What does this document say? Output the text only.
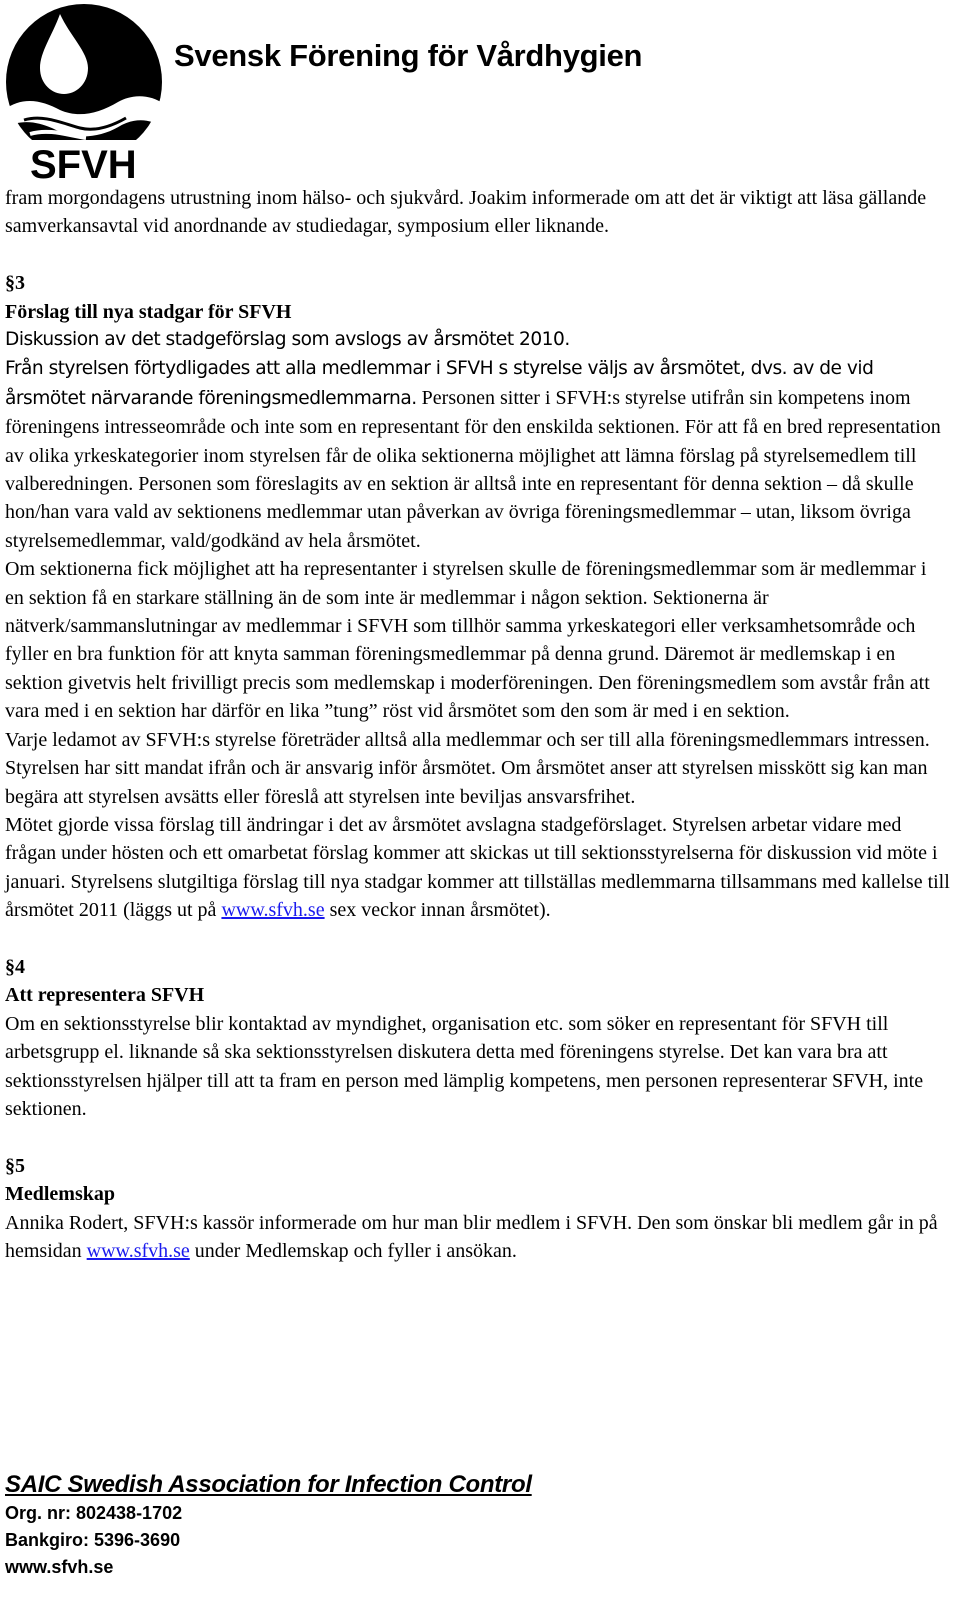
SFVH
Svensk Förening för Vårdhygien

fram morgondagens utrustning inom hälso- och sjukvård. Joakim informerade om att det är viktigt att läsa gällande samverkansavtal vid anordnande av studiedagar, symposium eller liknande.

§3

Förslag till nya stadgar för SFVH

Diskussion av det stadgeförslag som avslogs av årsmötet 2010.

Från styrelsen förtydligades att alla medlemmar i SFVH s styrelse väljs av årsmötet, dvs. av de vid årsmötet närvarande föreningsmedlemmarna. Personen sitter i SFVH:s styrelse utifrån sin kompetens inom föreningens intresseområde och inte som en representant för den enskilda sektionen. För att få en bred representation av olika yrkeskategorier inom styrelsen får de olika sektionerna möjlighet att lämna förslag på styrelsemedlem till valberedningen. Personen som föreslagits av en sektion är alltså inte en representant för denna sektion – då skulle hon/han vara vald av sektionens medlemmar utan påverkan av övriga föreningsmedlemmar – utan, liksom övriga styrelsemedlemmar, vald/godkänd av hela årsmötet.

Om sektionerna fick möjlighet att ha representanter i styrelsen skulle de föreningsmedlemmar som är medlemmar i en sektion få en starkare ställning än de som inte är medlemmar i någon sektion. Sektionerna är nätverk/sammanslutningar av medlemmar i SFVH som tillhör samma yrkeskategori eller verksamhetsområde och fyller en bra funktion för att knyta samman föreningsmedlemmar på denna grund. Däremot är medlemskap i en sektion givetvis helt frivilligt precis som medlemskap i moderföreningen. Den föreningsmedlem som avstår från att vara med i en sektion har därför en lika ”tung” röst vid årsmötet som den som är med i en sektion.

Varje ledamot av SFVH:s styrelse företräder alltså alla medlemmar och ser till alla föreningsmedlemmars intressen. Styrelsen har sitt mandat ifrån och är ansvarig inför årsmötet. Om årsmötet anser att styrelsen misskött sig kan man begära att styrelsen avsätts eller föreslå att styrelsen inte beviljas ansvarsfrihet.

Mötet gjorde vissa förslag till ändringar i det av årsmötet avslagna stadgeförslaget. Styrelsen arbetar vidare med frågan under hösten och ett omarbetat förslag kommer att skickas ut till sektionsstyrelserna för diskussion vid möte i januari. Styrelsens slutgiltiga förslag till nya stadgar kommer att tillställas medlemmarna tillsammans med kallelse till årsmötet 2011 (läggs ut på www.sfvh.se sex veckor innan årsmötet).

§4

Att representera SFVH

Om en sektionsstyrelse blir kontaktad av myndighet, organisation etc. som söker en representant för SFVH till arbetsgrupp el. liknande så ska sektionsstyrelsen diskutera detta med föreningens styrelse. Det kan vara bra att sektionsstyrelsen hjälper till att ta fram en person med lämplig kompetens, men personen representerar SFVH, inte sektionen.

§5

Medlemskap

Annika Rodert, SFVH:s kassör informerade om hur man blir medlem i SFVH. Den som önskar bli medlem går in på hemsidan www.sfvh.se under Medlemskap och fyller i ansökan.

SAIC Swedish Association for Infection Control
Org. nr: 802438-1702
Bankgiro: 5396-3690
www.sfvh.se
